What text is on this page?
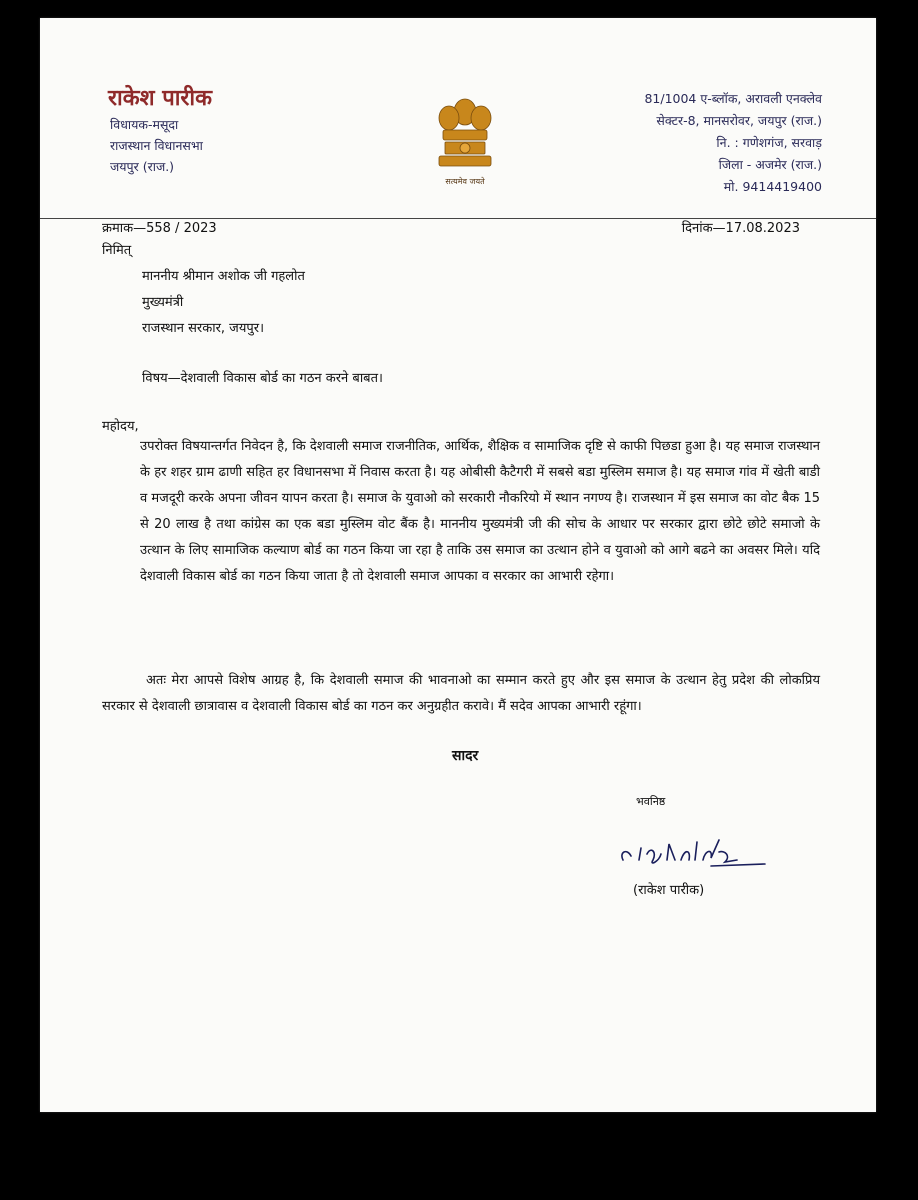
राकेश पारीक
विधायक-मसूदा
राजस्थान विधानसभा
जयपुर (राज.)
सत्यमेव जयते
81/1004 ए-ब्लॉक, अरावली एनक्लेव
सेक्टर-8, मानसरोवर, जयपुर (राज.)
नि. : गणेशगंज, सरवाड़
जिला - अजमेर (राज.)
मो. 9414419400
क्रमाक—558 / 2023	दिनांक—17.08.2023
निमित्
माननीय श्रीमान अशोक जी गहलोत
मुख्यमंत्री
राजस्थान सरकार, जयपुर।
विषय—देशवाली विकास बोर्ड का गठन करने बाबत।
महोदय,
उपरोक्त विषयान्तर्गत निवेदन है, कि देशवाली समाज राजनीतिक, आर्थिक, शैक्षिक व सामाजिक दृष्टि से काफी पिछडा हुआ है। यह समाज राजस्थान के हर शहर ग्राम ढाणी सहित हर विधानसभा में निवास करता है। यह ओबीसी कैटैगरी में सबसे बडा मुस्लिम समाज है। यह समाज गांव में खेती बाडी व मजदूरी करके अपना जीवन यापन करता है। समाज के युवाओ को सरकारी नौकरियो में स्थान नगण्य है। राजस्थान में इस समाज का वोट बैक 15 से 20 लाख है तथा कांग्रेस का एक बडा मुस्लिम वोट बैंक है। माननीय मुख्यमंत्री जी की सोच के आधार पर सरकार द्वारा छोटे छोटे समाजो के उत्थान के लिए सामाजिक कल्याण बोर्ड का गठन किया जा रहा है ताकि उस समाज का उत्थान होने व युवाओ को आगे बढने का अवसर मिले। यदि देशवाली विकास बोर्ड का गठन किया जाता है तो देशवाली समाज आपका व सरकार का आभारी रहेगा।
अतः मेरा आपसे विशेष आग्रह है, कि देशवाली समाज की भावनाओ का सम्मान करते हुए और इस समाज के उत्थान हेतु प्रदेश की लोकप्रिय सरकार से देशवाली छात्रावास व देशवाली विकास बोर्ड का गठन कर अनुग्रहीत करावे। मैं सदेव आपका आभारी रहूंगा।
सादर
भवनिष्ठ
(राकेश पारीक)
